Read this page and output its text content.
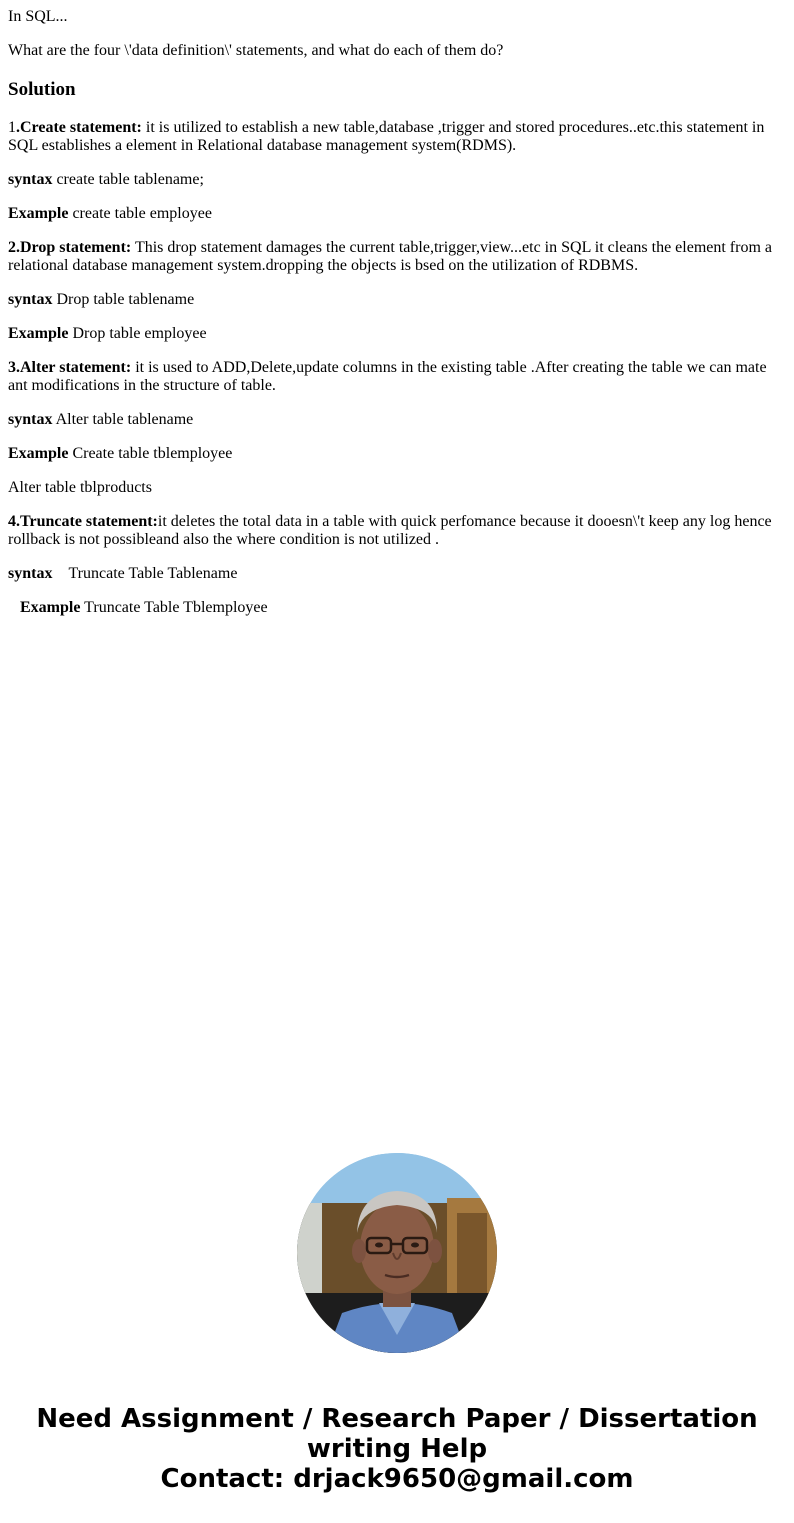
In SQL...

What are the four \'data definition\' statements, and what do each of them do?

Solution

1.Create statement: it is utilized to establish a new table,database ,trigger and stored procedures..etc.this statement in SQL establishes a element in Relational database management system(RDMS).

syntax create table tablename;

Example create table employee

2.Drop statement: This drop statement damages the current table,trigger,view...etc in SQL it cleans the element from a relational database management system.dropping the objects is bsed on the utilization of RDBMS.

syntax Drop table tablename

Example Drop table employee

3.Alter statement: it is used to ADD,Delete,update columns in the existing table .After creating the table we can mate ant modifications in the structure of table.

syntax Alter table tablename

Example Create table tblemployee

Alter table tblproducts

4.Truncate statement:it deletes the total data in a table with quick perfomance because it dooesn\'t keep any log hence rollback is not possibleand also the where condition is not utilized .

syntax Truncate Table Tablename

Example Truncate Table Tblemployee

Need Assignment / Research Paper / Dissertation
writing Help
Contact: drjack9650@gmail.com
